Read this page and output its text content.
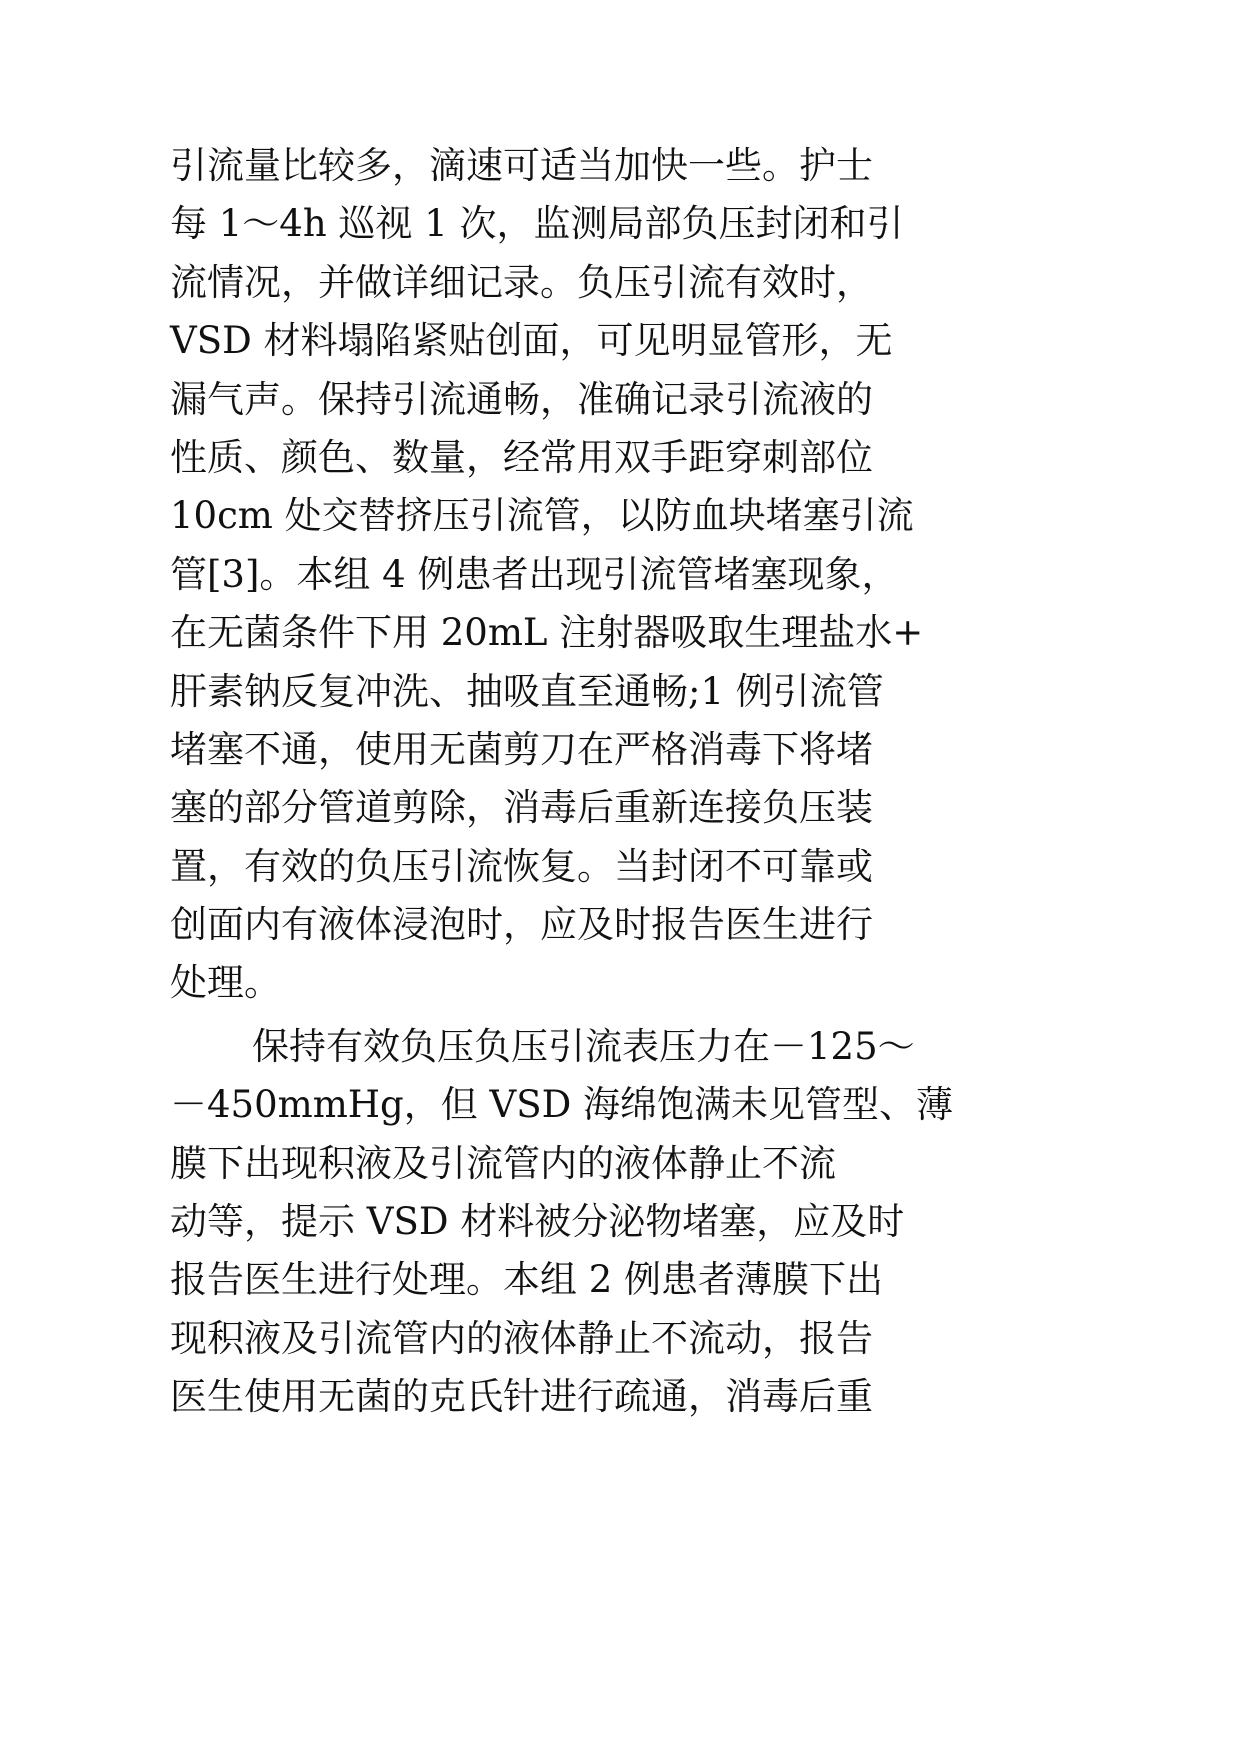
引流量比较多，滴速可适当加快一些。护士
每 1～4h 巡视 1 次，监测局部负压封闭和引
流情况，并做详细记录。负压引流有效时，
VSD 材料塌陷紧贴创面，可见明显管形，无
漏气声。保持引流通畅，准确记录引流液的
性质、颜色、数量，经常用双手距穿刺部位
10cm 处交替挤压引流管，以防血块堵塞引流
管[3]。本组 4 例患者出现引流管堵塞现象，
在无菌条件下用 20mL 注射器吸取生理盐水+
肝素钠反复冲洗、抽吸直至通畅;1 例引流管
堵塞不通，使用无菌剪刀在严格消毒下将堵
塞的部分管道剪除，消毒后重新连接负压装
置，有效的负压引流恢复。当封闭不可靠或
创面内有液体浸泡时，应及时报告医生进行
处理。
保持有效负压负压引流表压力在－125～
－450mmHg，但 VSD 海绵饱满未见管型、薄
膜下出现积液及引流管内的液体静止不流
动等，提示 VSD 材料被分泌物堵塞，应及时
报告医生进行处理。本组 2 例患者薄膜下出
现积液及引流管内的液体静止不流动，报告
医生使用无菌的克氏针进行疏通，消毒后重
